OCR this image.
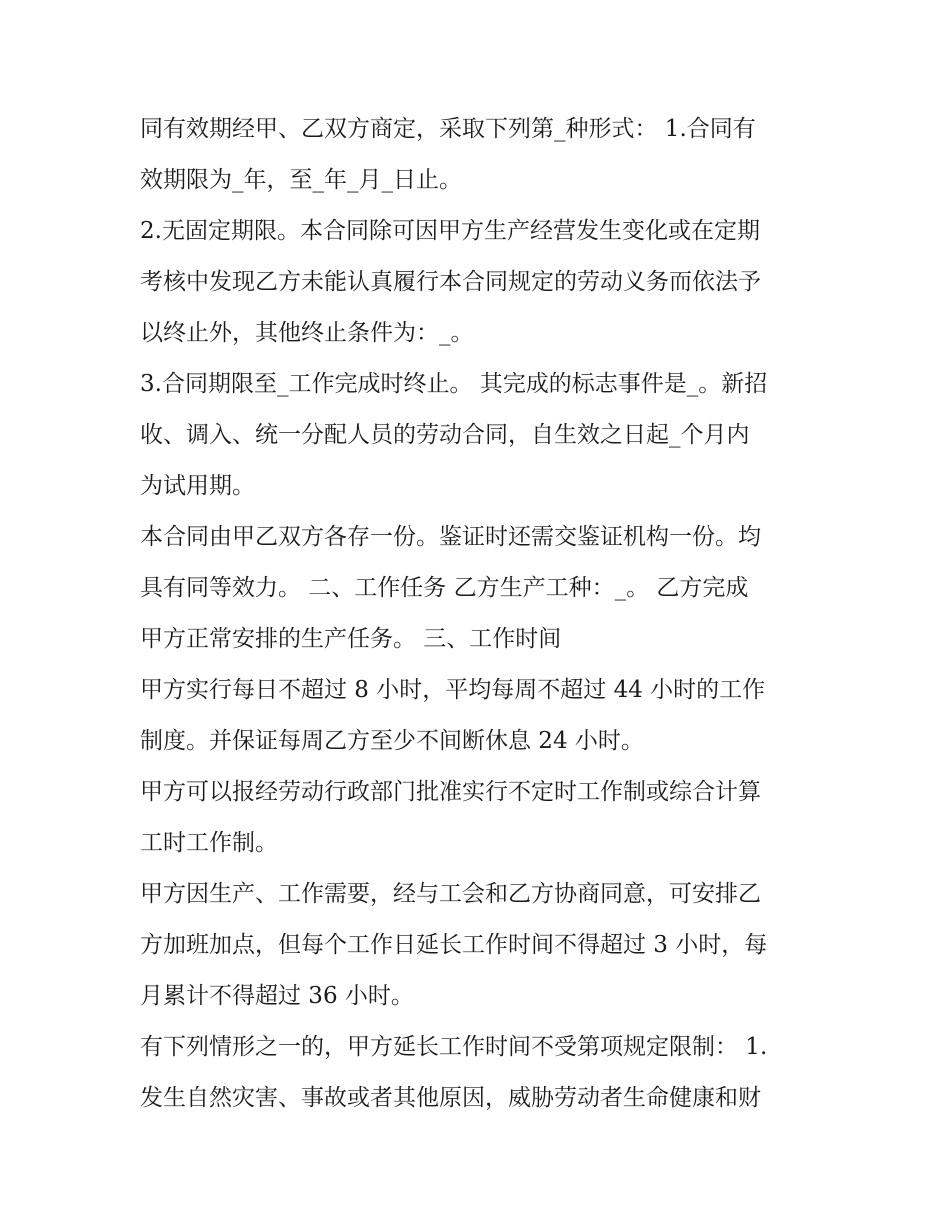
同有效期经甲、乙双方商定，采取下列第_种形式： 1.合同有
效期限为_年，至_年_月_日止。
2.无固定期限。本合同除可因甲方生产经营发生变化或在定期
考核中发现乙方未能认真履行本合同规定的劳动义务而依法予
以终止外，其他终止条件为：_。
3.合同期限至_工作完成时终止。 其完成的标志事件是_。新招
收、调入、统一分配人员的劳动合同，自生效之日起_个月内
为试用期。
本合同由甲乙双方各存一份。鉴证时还需交鉴证机构一份。均
具有同等效力。 二、工作任务 乙方生产工种：_。 乙方完成
甲方正常安排的生产任务。 三、工作时间
甲方实行每日不超过 8 小时，平均每周不超过 44 小时的工作
制度。并保证每周乙方至少不间断休息 24 小时。
甲方可以报经劳动行政部门批准实行不定时工作制或综合计算
工时工作制。
甲方因生产、工作需要，经与工会和乙方协商同意，可安排乙
方加班加点，但每个工作日延长工作时间不得超过 3 小时，每
月累计不得超过 36 小时。
有下列情形之一的，甲方延长工作时间不受第项规定限制： 1.
发生自然灾害、事故或者其他原因，威胁劳动者生命健康和财
